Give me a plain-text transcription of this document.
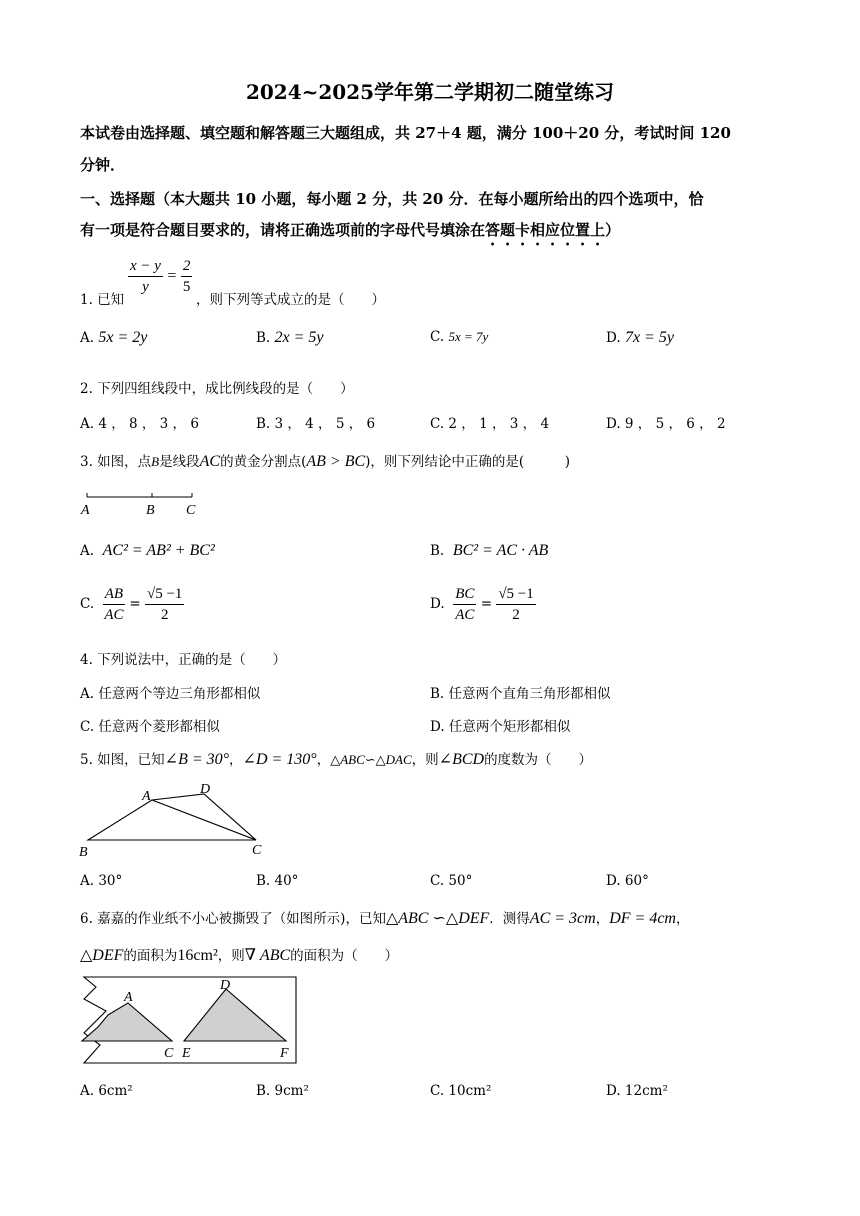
2024~2025学年第二学期初二随堂练习
本试卷由选择题、填空题和解答题三大题组成，共 27＋4 题，满分 100＋20 分，考试时间 120
分钟．
一、选择题（本大题共 10 小题，每小题 2 分，共 20 分．在每小题所给出的四个选项中，恰
有一项是符合题目要求的，请将正确选项前的字母代号填涂在答题卡相应位置上）
$\frac{x - y}{y} = \frac{2}{5}$
1. 已知	，则下列等式成立的是（　　）
A. 5x = 2y	B. 2x = 5y	C. 5x = 7y	D. 7x = 5y
2. 下列四组线段中，成比例线段的是（　　）
A. 4 ， 8 ， 3 ， 6	B. 3 ， 4 ， 5 ， 6	C. 2 ， 1 ， 3 ， 4	D. 9 ， 5 ， 6 ， 2
3. 如图，点B是线段AC的黄金分割点(AB > BC)，则下列结论中正确的是(　　　)
A	B C
A. AC² = AB² + BC²	B. BC² = AC · AB
C. $\frac{AB}{AC} = \frac{√5 -1}{2}$	D. $\frac{BC}{AC} = \frac{√5 -1}{2}$
4. 下列说法中，正确的是（　　）
A. 任意两个等边三角形都相似	B. 任意两个直角三角形都相似
C. 任意两个菱形都相似	D. 任意两个矩形都相似
5. 如图，已知∠B = 30°，∠D = 130°，△ABC∽△DAC，则∠BCD的度数为（　　）
A	D
B	C
A. 30°	B. 40°	C. 50°	D. 60°
6. 嘉嘉的作业纸不小心被撕毁了（如图所示)，已知△ABC ∽△DEF．测得AC = 3cm，DF = 4cm，
△DEF的面积为16cm²，则∇ ABC的面积为（　　）
A
C
D
E	F
A. 6cm²	B. 9cm²	C. 10cm²	D. 12cm²
